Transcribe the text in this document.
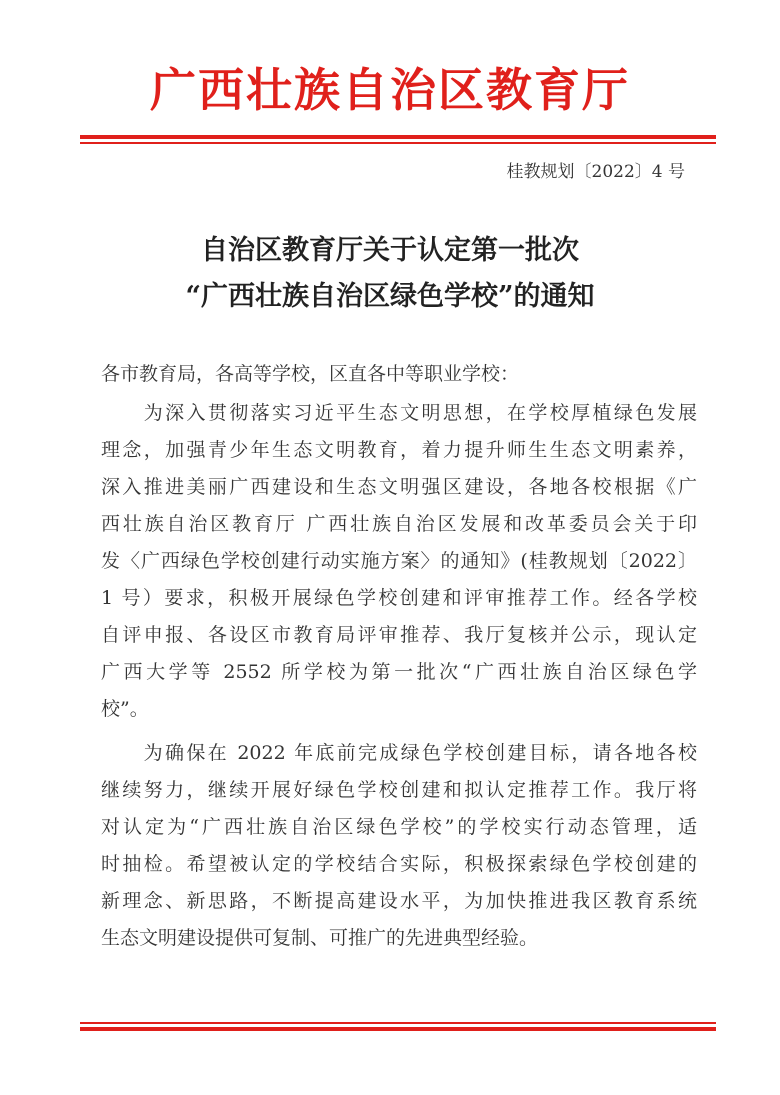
广西壮族自治区教育厅
桂教规划〔2022〕4 号
自治区教育厅关于认定第一批次
“广西壮族自治区绿色学校”的通知
各市教育局，各高等学校，区直各中等职业学校：
　　为深入贯彻落实习近平生态文明思想，在学校厚植绿色发展
理念，加强青少年生态文明教育，着力提升师生生态文明素养，
深入推进美丽广西建设和生态文明强区建设，各地各校根据《广
西壮族自治区教育厅 广西壮族自治区发展和改革委员会关于印
发〈广西绿色学校创建行动实施方案〉的通知》(桂教规划〔2022〕
1 号）要求，积极开展绿色学校创建和评审推荐工作。经各学校
自评申报、各设区市教育局评审推荐、我厅复核并公示，现认定
广西大学等 2552 所学校为第一批次“广西壮族自治区绿色学
校”。
　　为确保在 2022 年底前完成绿色学校创建目标，请各地各校
继续努力，继续开展好绿色学校创建和拟认定推荐工作。我厅将
对认定为“广西壮族自治区绿色学校”的学校实行动态管理，适
时抽检。希望被认定的学校结合实际，积极探索绿色学校创建的
新理念、新思路，不断提高建设水平，为加快推进我区教育系统
生态文明建设提供可复制、可推广的先进典型经验。
